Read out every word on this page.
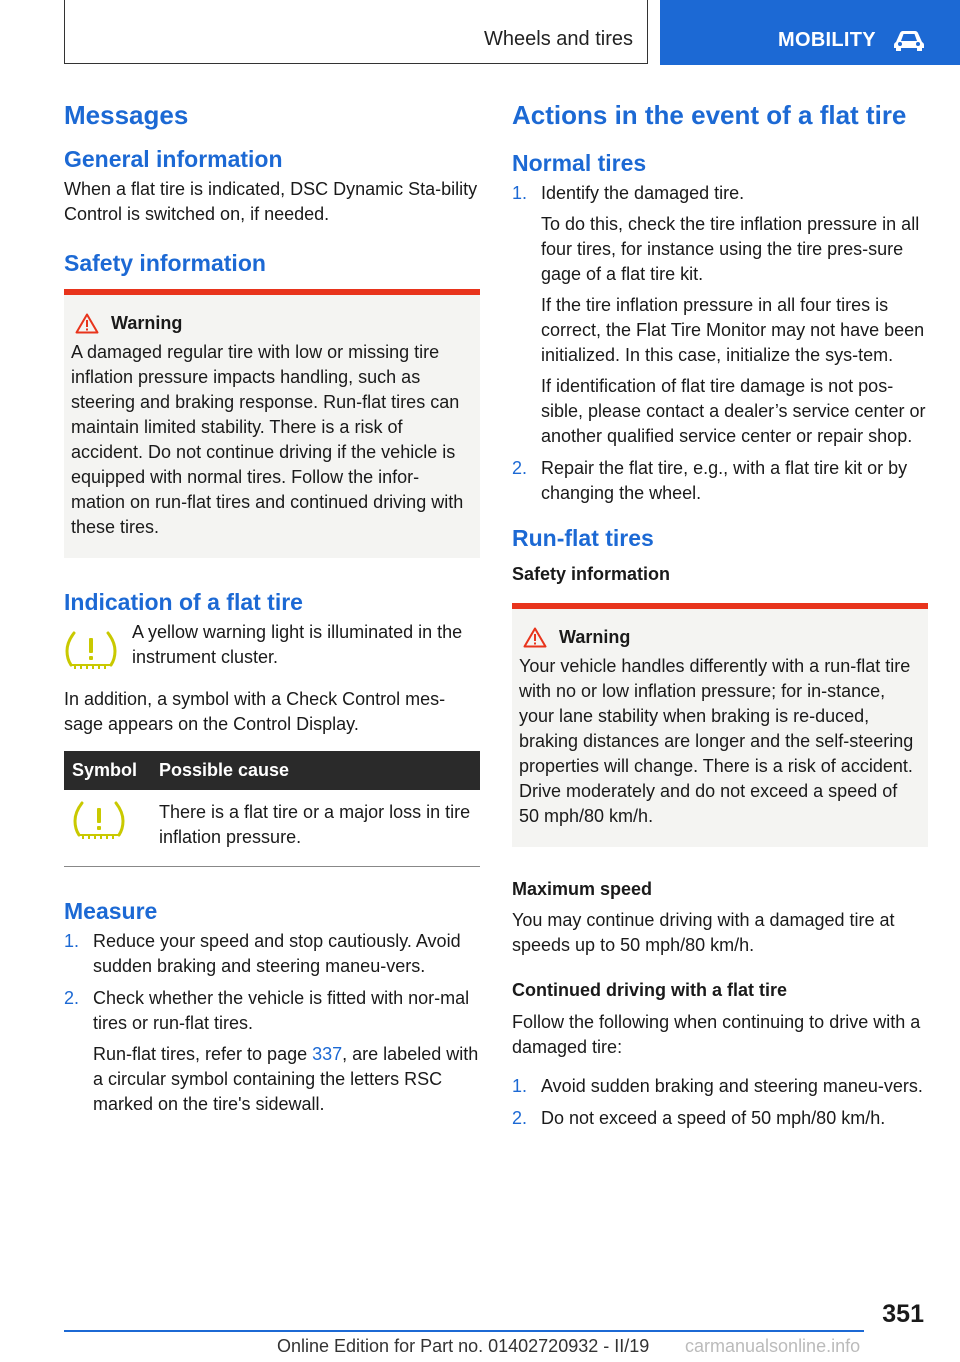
Wheels and tires	MOBILITY
Messages
General information

When a flat tire is indicated, DSC Dynamic Sta‐bility Control is switched on, if needed.

Safety information
Warning

A damaged regular tire with low or missing tire inflation pressure impacts handling, such as steering and braking response. Run-flat tires can maintain limited stability. There is a risk of accident. Do not continue driving if the vehicle is equipped with normal tires. Follow the infor‐mation on run-flat tires and continued driving with these tires.

Indication of a flat tire

A yellow warning light is illuminated in the instrument cluster.

In addition, a symbol with a Check Control mes‐sage appears on the Control Display.

Symbol	Possible cause
	There is a flat tire or a major loss in tire inflation pressure.
Measure
1. Reduce your speed and stop cautiously. Avoid sudden braking and steering maneu‐vers.
2. Check whether the vehicle is fitted with nor‐mal tires or run-flat tires.

Run-flat tires, refer to page 337, are labeled with a circular symbol containing the letters RSC marked on the tire's sidewall.

Actions in the event of a flat tire
Normal tires
1. Identify the damaged tire.

To do this, check the tire inflation pressure in all four tires, for instance using the tire pres‐sure gage of a flat tire kit.

If the tire inflation pressure in all four tires is correct, the Flat Tire Monitor may not have been initialized. In this case, initialize the sys‐tem.

If identification of flat tire damage is not pos‐sible, please contact a dealer’s service center or another qualified service center or repair shop.

2. Repair the flat tire, e.g., with a flat tire kit or by changing the wheel.
Run-flat tires
Safety information
Warning

Your vehicle handles differently with a run-flat tire with no or low inflation pressure; for in‐stance, your lane stability when braking is re‐duced, braking distances are longer and the self-steering properties will change. There is a risk of accident. Drive moderately and do not exceed a speed of 50 mph/80 km/h.

Maximum speed

You may continue driving with a damaged tire at speeds up to 50 mph/80 km/h.

Continued driving with a flat tire

Follow the following when continuing to drive with a damaged tire:

1. Avoid sudden braking and steering maneu‐vers.
2. Do not exceed a speed of 50 mph/80 km/h.
351
Online Edition for Part no. 01402720932 - II/19 carmanualsonline.info
